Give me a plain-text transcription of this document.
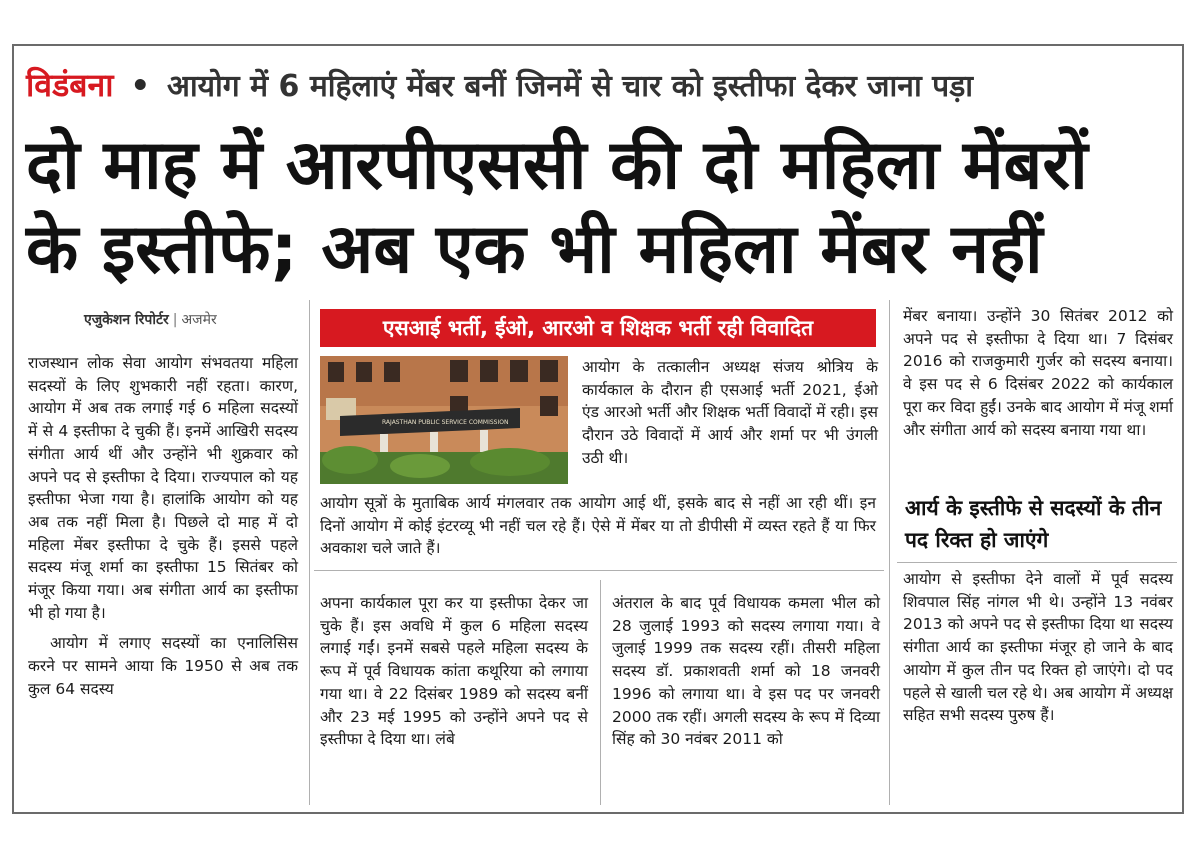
विडंबना • आयोग में 6 महिलाएं मेंबर बनीं जिनमें से चार को इस्तीफा देकर जाना पड़ा
दो माह में आरपीएससी की दो महिला मेंबरों
के इस्तीफे; अब एक भी महिला मेंबर नहीं
एजुकेशन रिपोर्टर | अजमेर

राजस्थान लोक सेवा आयोग संभवतया महिला सदस्यों के लिए शुभकारी नहीं रहता। कारण, आयोग में अब तक लगाई गई 6 महिला सदस्यों में से 4 इस्तीफा दे चुकी हैं। इनमें आखिरी सदस्य संगीता आर्य थीं और उन्होंने भी शुक्रवार को अपने पद से इस्तीफा दे दिया। राज्यपाल को यह इस्तीफा भेजा गया है। हालांकि आयोग को यह अब तक नहीं मिला है। पिछले दो माह में दो महिला मेंबर इस्तीफा दे चुके हैं। इससे पहले सदस्य मंजू शर्मा का इस्तीफा 15 सितंबर को मंजूर किया गया। अब संगीता आर्य का इस्तीफा भी हो गया है।

आयोग में लगाए सदस्यों का एनालिसिस करने पर सामने आया कि 1950 से अब तक कुल 64 सदस्य

एसआई भर्ती, ईओ, आरओ व शिक्षक भर्ती रही विवादित
RAJASTHAN PUBLIC SERVICE COMMISSION

आयोग के तत्कालीन अध्यक्ष संजय श्रोत्रिय के कार्यकाल के दौरान ही एसआई भर्ती 2021, ईओ एंड आरओ भर्ती और शिक्षक भर्ती विवादों में रही। इस दौरान उठे विवादों में आर्य और शर्मा पर भी उंगली उठी थी।

आयोग सूत्रों के मुताबिक आर्य मंगलवार तक आयोग आई थीं, इसके बाद से नहीं आ रही थीं। इन दिनों आयोग में कोई इंटरव्यू भी नहीं चल रहे हैं। ऐसे में मेंबर या तो डीपीसी में व्यस्त रहते हैं या फिर अवकाश चले जाते हैं।

अपना कार्यकाल पूरा कर या इस्तीफा देकर जा चुके हैं। इस अवधि में कुल 6 महिला सदस्य लगाई गईं। इनमें सबसे पहले महिला सदस्य के रूप में पूर्व विधायक कांता कथूरिया को लगाया गया था। वे 22 दिसंबर 1989 को सदस्य बनीं और 23 मई 1995 को उन्होंने अपने पद से इस्तीफा दे दिया था। लंबे

अंतराल के बाद पूर्व विधायक कमला भील को 28 जुलाई 1993 को सदस्य लगाया गया। वे जुलाई 1999 तक सदस्य रहीं। तीसरी महिला सदस्य डॉ. प्रकाशवती शर्मा को 18 जनवरी 1996 को लगाया था। वे इस पद पर जनवरी 2000 तक रहीं। अगली सदस्य के रूप में दिव्या सिंह को 30 नवंबर 2011 को

मेंबर बनाया। उन्होंने 30 सितंबर 2012 को अपने पद से इस्तीफा दे दिया था। 7 दिसंबर 2016 को राजकुमारी गुर्जर को सदस्य बनाया। वे इस पद से 6 दिसंबर 2022 को कार्यकाल पूरा कर विदा हुईं। उनके बाद आयोग में मंजू शर्मा और संगीता आर्य को सदस्य बनाया गया था।

आर्य के इस्तीफे से सदस्यों के तीन पद रिक्त हो जाएंगे

आयोग से इस्तीफा देने वालों में पूर्व सदस्य शिवपाल सिंह नांगल भी थे। उन्होंने 13 नवंबर 2013 को अपने पद से इस्तीफा दिया था सदस्य संगीता आर्य का इस्तीफा मंजूर हो जाने के बाद आयोग में कुल तीन पद रिक्त हो जाएंगे। दो पद पहले से खाली चल रहे थे। अब आयोग में अध्यक्ष सहित सभी सदस्य पुरुष हैं।
